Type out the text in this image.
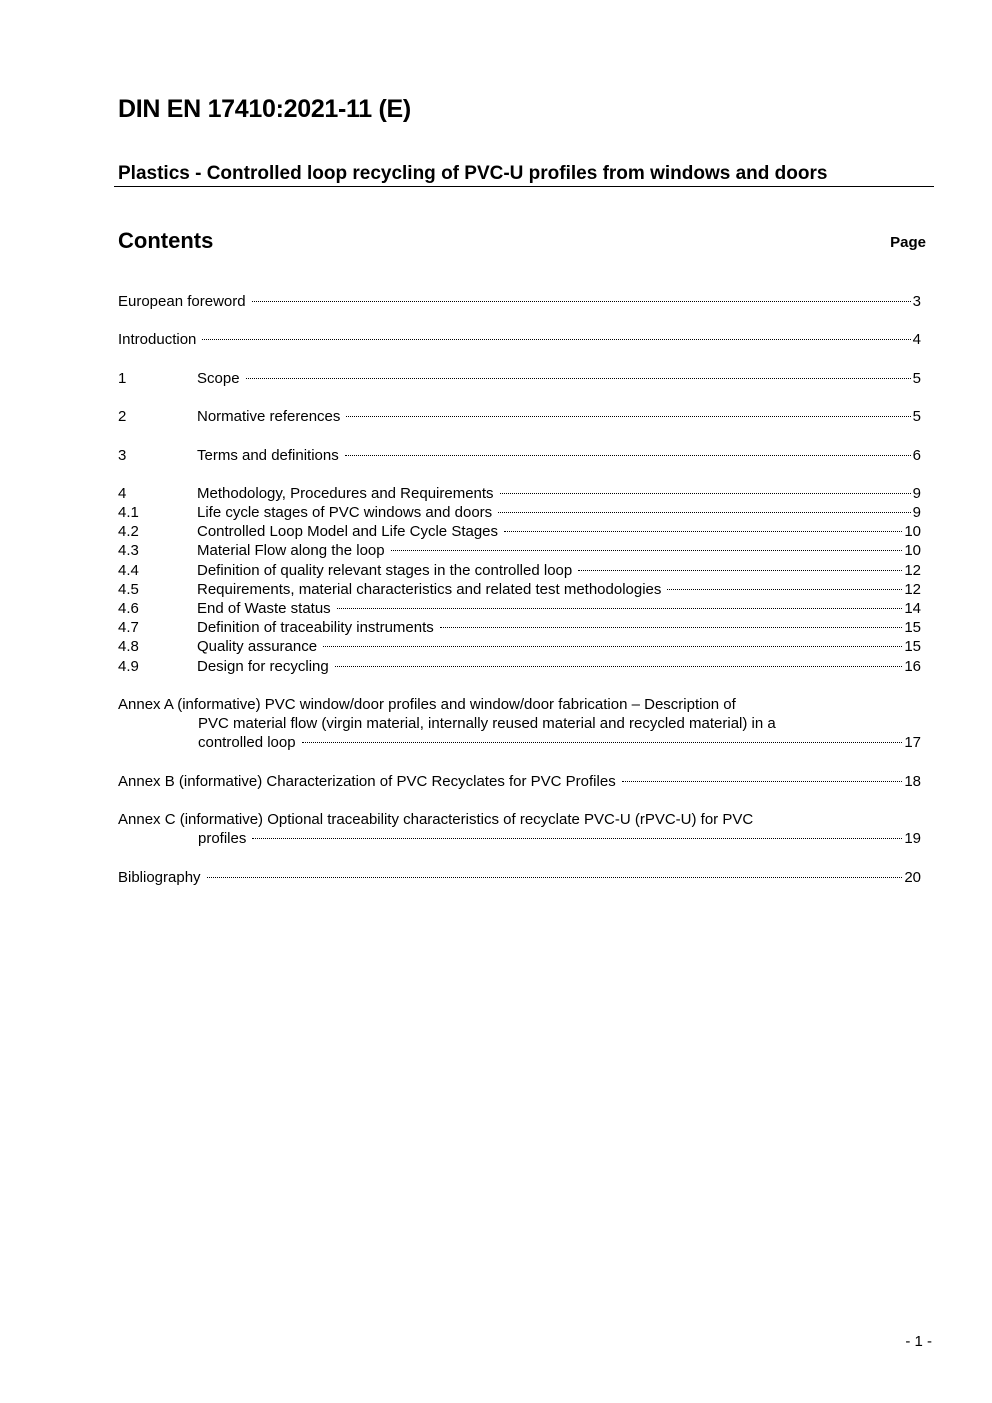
DIN EN 17410:2021-11 (E)
Plastics - Controlled loop recycling of PVC-U profiles from windows and doors
Contents	Page
European foreword	3
Introduction	4
1	Scope	5
2	Normative references	5
3	Terms and definitions	6
4	Methodology, Procedures and Requirements	9
4.1	Life cycle stages of PVC windows and doors	9
4.2	Controlled Loop Model and Life Cycle Stages	10
4.3	Material Flow along the loop	10
4.4	Definition of quality relevant stages in the controlled loop	12
4.5	Requirements, material characteristics and related test methodologies	12
4.6	End of Waste status	14
4.7	Definition of traceability instruments	15
4.8	Quality assurance	15
4.9	Design for recycling	16
Annex A (informative) PVC window/door profiles and window/door fabrication – Description of
PVC material flow (virgin material, internally reused material and recycled material) in a
controlled loop	17
Annex B (informative) Characterization of PVC Recyclates for PVC Profiles	18
Annex C (informative) Optional traceability characteristics of recyclate PVC-U (rPVC-U) for PVC
profiles	19
Bibliography	20
- 1 -
